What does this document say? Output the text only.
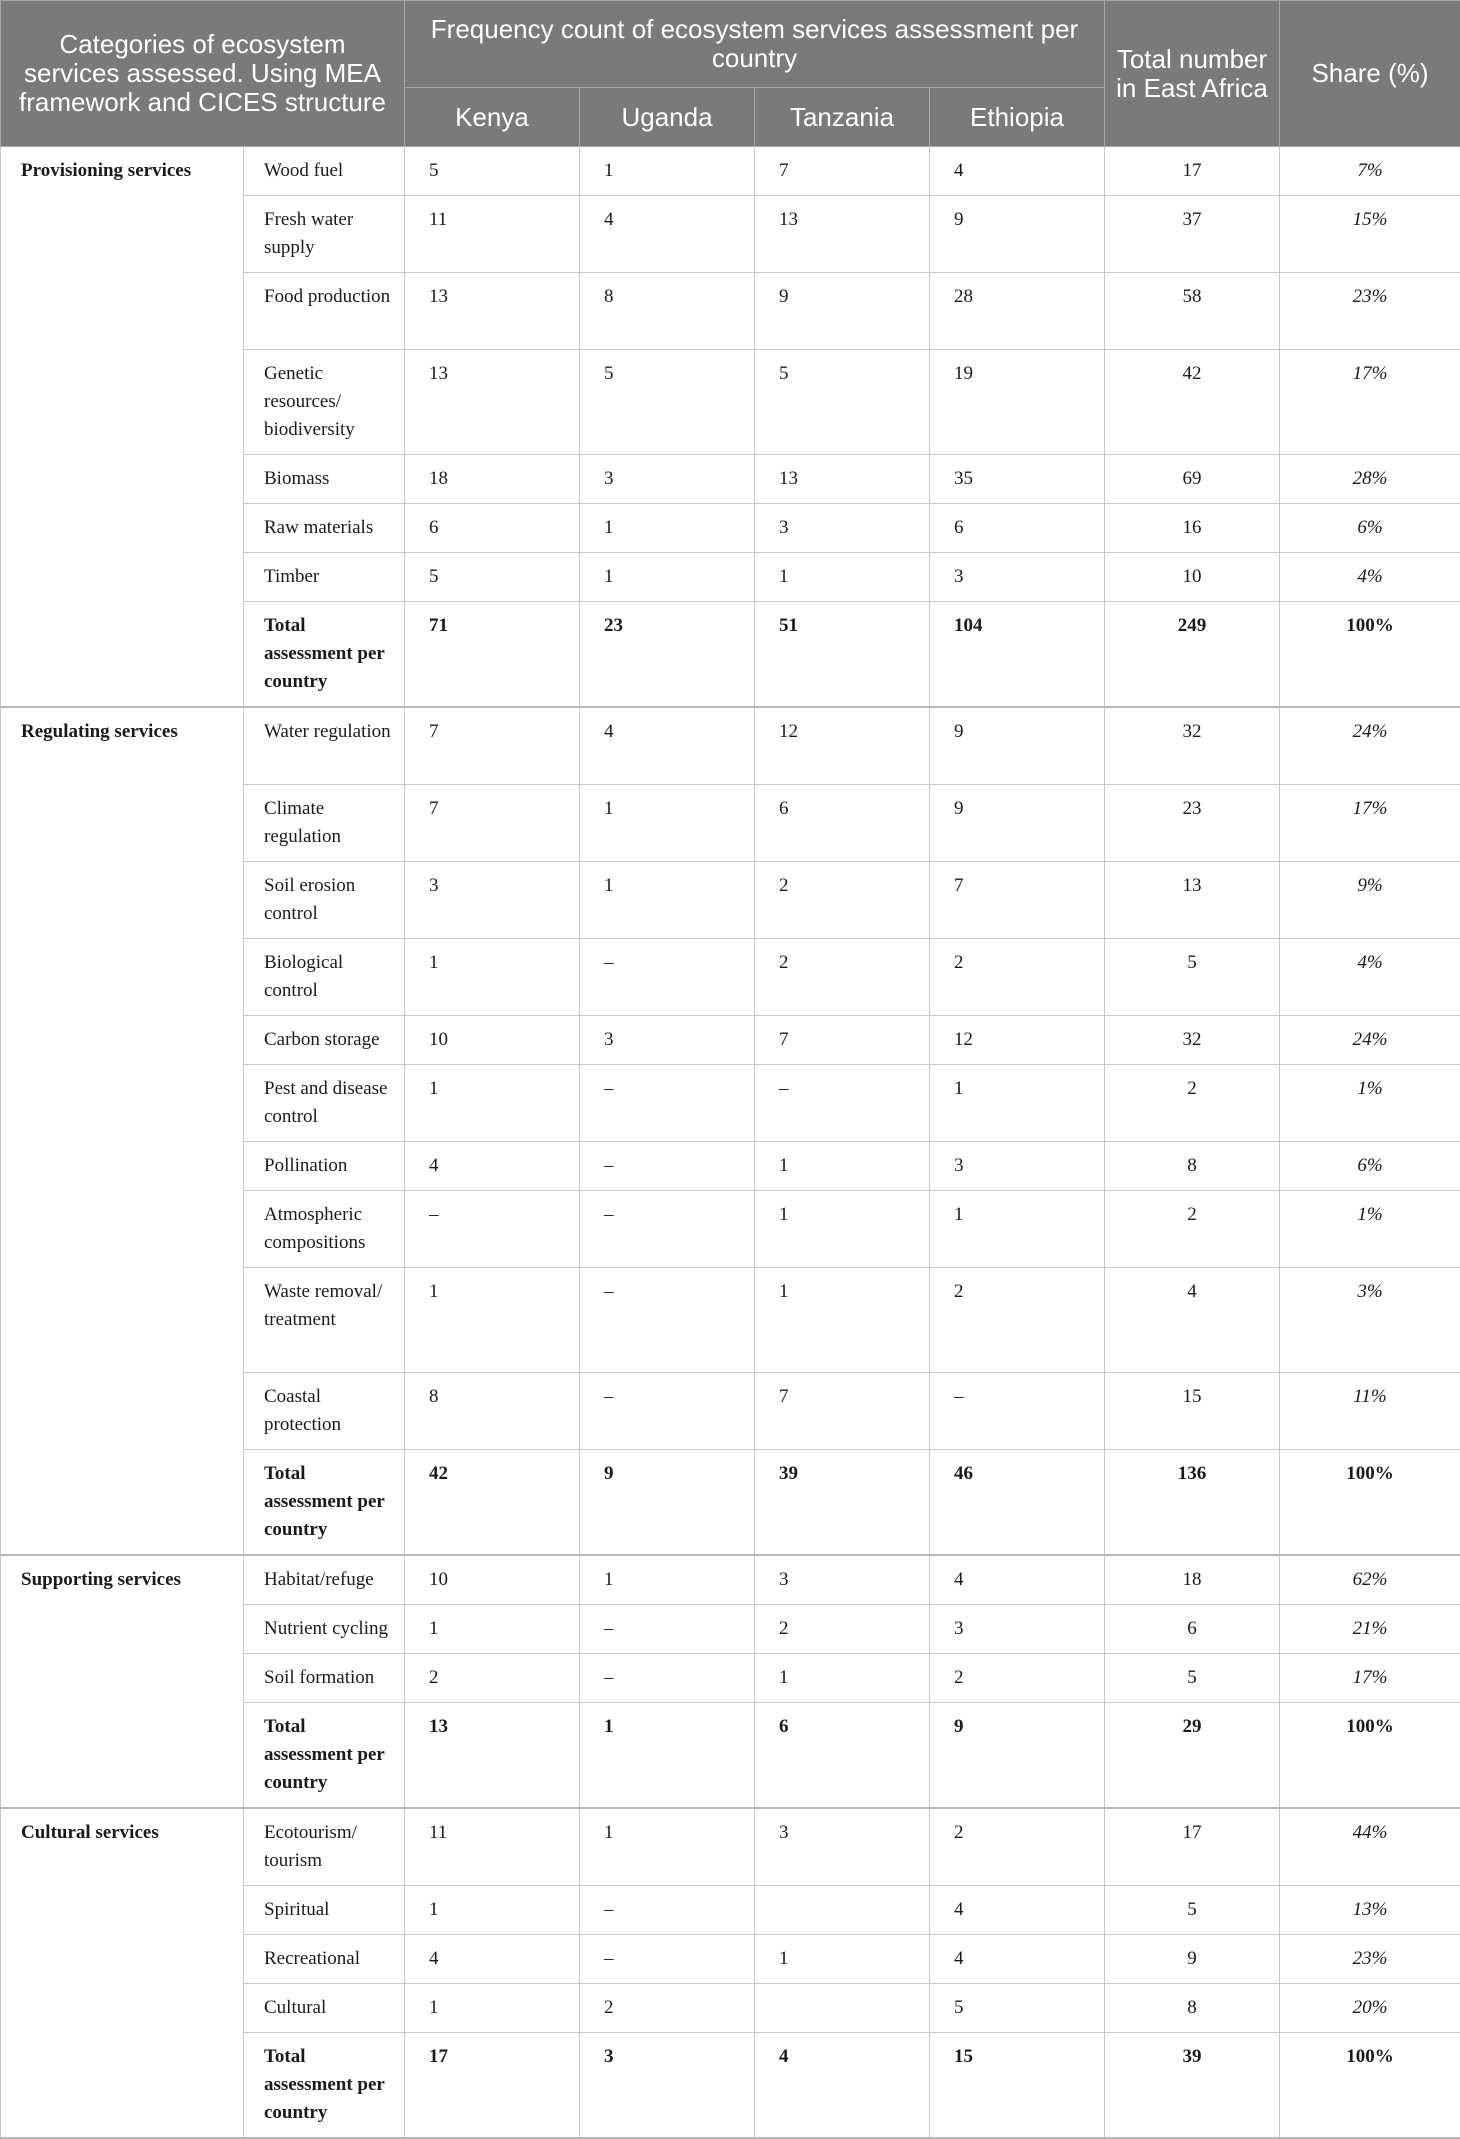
Categories of ecosystem services assessed. Using MEA framework and CICES structure		Frequency count of ecosystem services assessment per country				Total number in East Africa	Share (%)
		Kenya	Uganda	Tanzania	Ethiopia		
Provisioning services	Wood fuel	5	1	7	4	17	7%
	Fresh water supply	11	4	13	9	37	15%
	Food production	13	8	9	28	58	23%
	Genetic resources/ biodiversity	13	5	5	19	42	17%
	Biomass	18	3	13	35	69	28%
	Raw materials	6	1	3	6	16	6%
	Timber	5	1	1	3	10	4%
	Total assessment per country	71	23	51	104	249	100%
Regulating services	Water regulation	7	4	12	9	32	24%
	Climate regulation	7	1	6	9	23	17%
	Soil erosion control	3	1	2	7	13	9%
	Biological control	1	–	2	2	5	4%
	Carbon storage	10	3	7	12	32	24%
	Pest and disease control	1	–	–	1	2	1%
	Pollination	4	–	1	3	8	6%
	Atmospheric compositions	–	–	1	1	2	1%
	Waste removal/ treatment	1	–	1	2	4	3%
	Coastal protection	8	–	7	–	15	11%
	Total assessment per country	42	9	39	46	136	100%
Supporting services	Habitat/refuge	10	1	3	4	18	62%
	Nutrient cycling	1	–	2	3	6	21%
	Soil formation	2	–	1	2	5	17%
	Total assessment per country	13	1	6	9	29	100%
Cultural services	Ecotourism/ tourism	11	1	3	2	17	44%
	Spiritual	1	–		4	5	13%
	Recreational	4	–	1	4	9	23%
	Cultural	1	2		5	8	20%
	Total assessment per country	17	3	4	15	39	100%
